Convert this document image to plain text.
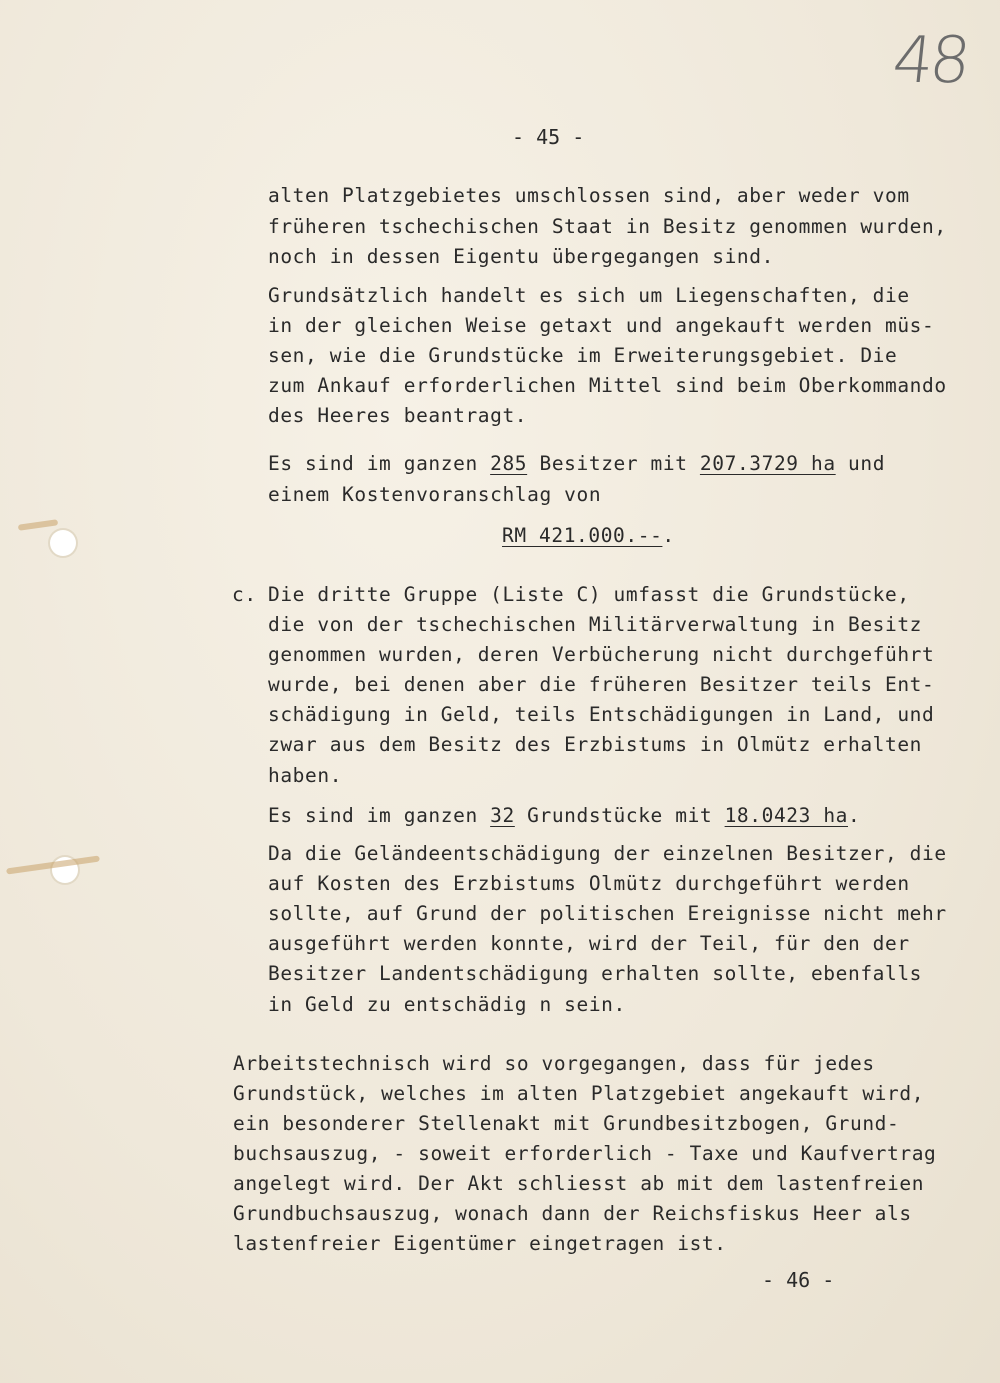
48
- 45 -
alten Platzgebietes umschlossen sind, aber weder vom
früheren tschechischen Staat in Besitz genommen wurden,
noch in dessen Eigentu übergegangen sind.
Grundsätzlich handelt es sich um Liegenschaften, die
in der gleichen Weise getaxt und angekauft werden müs-
sen, wie die Grundstücke im Erweiterungsgebiet. Die
zum Ankauf erforderlichen Mittel sind beim Oberkommando
des Heeres beantragt.
Es sind im ganzen 285 Besitzer mit 207.3729 ha und
einem Kostenvoranschlag von
RM 421.000.--.
c. Die dritte Gruppe (Liste C) umfasst die Grundstücke,
die von der tschechischen Militärverwaltung in Besitz
genommen wurden, deren Verbücherung nicht durchgeführt
wurde, bei denen aber die früheren Besitzer teils Ent-
schädigung in Geld, teils Entschädigungen in Land, und
zwar aus dem Besitz des Erzbistums in Olmütz erhalten
haben.
Es sind im ganzen 32 Grundstücke mit 18.0423 ha.
Da die Geländeentschädigung der einzelnen Besitzer, die
auf Kosten des Erzbistums Olmütz durchgeführt werden
sollte, auf Grund der politischen Ereignisse nicht mehr
ausgeführt werden konnte, wird der Teil, für den der
Besitzer Landentschädigung erhalten sollte, ebenfalls
in Geld zu entschädig n sein.
Arbeitstechnisch wird so vorgegangen, dass für jedes
Grundstück, welches im alten Platzgebiet angekauft wird,
ein besonderer Stellenakt mit Grundbesitzbogen, Grund-
buchsauszug, - soweit erforderlich - Taxe und Kaufvertrag
angelegt wird. Der Akt schliesst ab mit dem lastenfreien
Grundbuchsauszug, wonach dann der Reichsfiskus Heer als
lastenfreier Eigentümer eingetragen ist.
- 46 -
